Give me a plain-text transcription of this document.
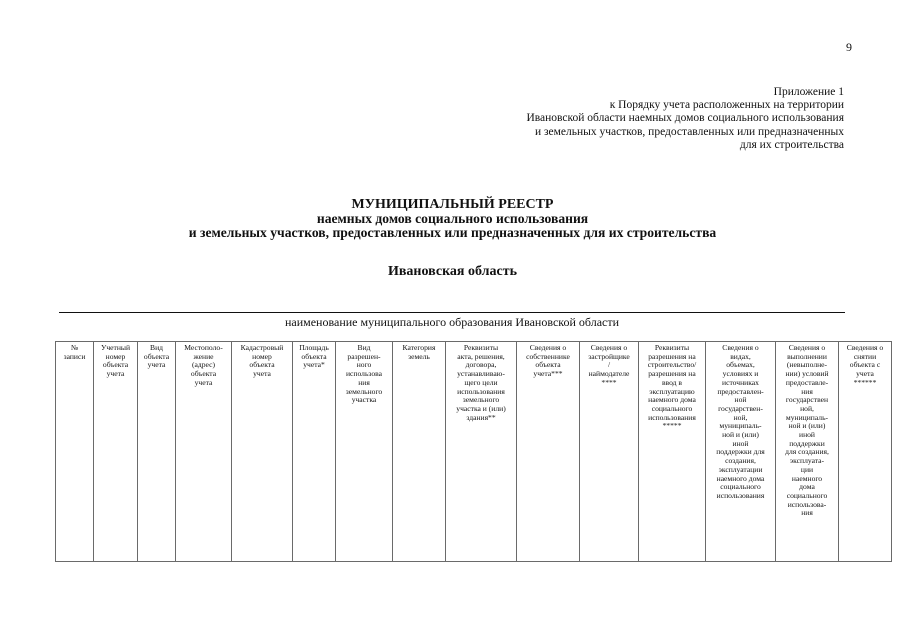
9
Приложение 1
к Порядку учета расположенных на территории
Ивановской области наемных домов социального использования
и земельных участков, предоставленных или предназначенных
для их строительства

МУНИЦИПАЛЬНЫЙ РЕЕСТР

наемных домов социального использования

и земельных участков, предоставленных или предназначенных для их строительства

Ивановская область
наименование муниципального образования Ивановской области
№
записи

Учетный
номер
объекта
учета

Вид
объекта
учета

Местополо-
жение
(адрес)
объекта
учета

Кадастровый
номер
объекта
учета

Площадь
объекта
учета*

Вид
разрешен-
ного
использова
ния
земельного
участка

Категория
земель

Реквизиты
акта, решения,
договора,
устанавливаю-
щего цели
использования
земельного
участка и (или)
здания**

Сведения о
собственнике
объекта
учета***

Сведения о
застройщике
/
наймодателе
****

Реквизиты
разрешения на
строительство/
разрешения на
ввод в
эксплуатацию
наемного дома
социального
использования
*****

Сведения о
видах,
объемах,
условиях и
источниках
предоставлен-
ной
государствен-
ной,
муниципаль-
ной и (или)
иной
поддержки для
создания,
эксплуатации
наемного дома
социального
использования

Сведения о
выполнении
(невыполне-
нии) условий
предоставле-
ния
государствен
ной,
муниципаль-
ной и (или)
иной
поддержки
для создания,
эксплуата-
ции
наемного
дома
социального
использова-
ния

Сведения о
снятии
объекта с
учета
******
